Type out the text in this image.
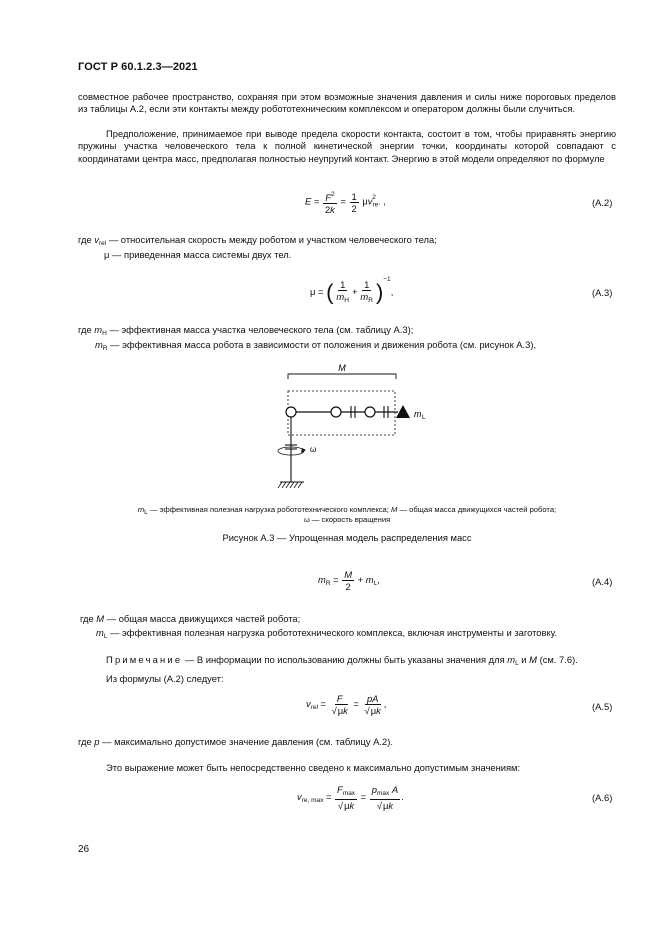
ГОСТ Р 60.1.2.3—2021
совместное рабочее пространство, сохраняя при этом возможные значения давления и силы ниже пороговых пределов из таблицы А.2, если эти контакты между робототехническим комплексом и оператором должны были случиться.
Предположение, принимаемое при выводе предела скорости контакта, состоит в том, чтобы приравнять энергию пружины участка человеческого тела к полной кинетической энергии точки, координаты которой совпадают с координатами центра масс, предполагая полностью неупругий контакт. Энергию в этой модели определяют по формуле
$E = \frac{F^2}{2k} = \frac{1}{2} \mu v_{re}^2$ . ,	(А.2)
где $v_{rel}$ — относительная скорость между роботом и участком человеческого тела;
μ — приведенная масса системы двух тел.
μ = ( $\frac{1}{m_H} + \frac{1}{m_R} )^{-1}$,	(А.3)
где $m_H$ — эффективная масса участка человеческого тела (см. таблицу А.3);
$m_R$ — эффективная масса робота в зависимости от положения и движения робота (см. рисунок А.3),
M
m L
ω
mL — эффективная полезная нагрузка робототехнического комплекса; M — общая масса движущихся частей робота;
ω — скорость вращения
Рисунок А.3 — Упрощенная модель распределения масс
$m_R = \frac{M}{2} + m_L$,	(А.4)
где M — общая масса движущихся частей робота;
$m_L$ — эффективная полезная нагрузка робототехнического комплекса, включая инструменты и заготовку.
Примечание — В информации по использованию должны быть указаны значения для $m_L$ и M (см. 7.6).
Из формулы (А.2) следует:
$v_{rel} = \frac{F}{√\mu k} = \frac{pA}{√\mu k}$ ,	(А.5)
где p — максимально допустимое значение давления (см. таблицу А.2).
Это выражение может быть непосредственно сведено к максимально допустимым значениям:
$v_{re, max} = \frac{F_{max}}{√\mu k} = \frac{p_{max} A}{√\mu k}$ .	(А.6)
26
